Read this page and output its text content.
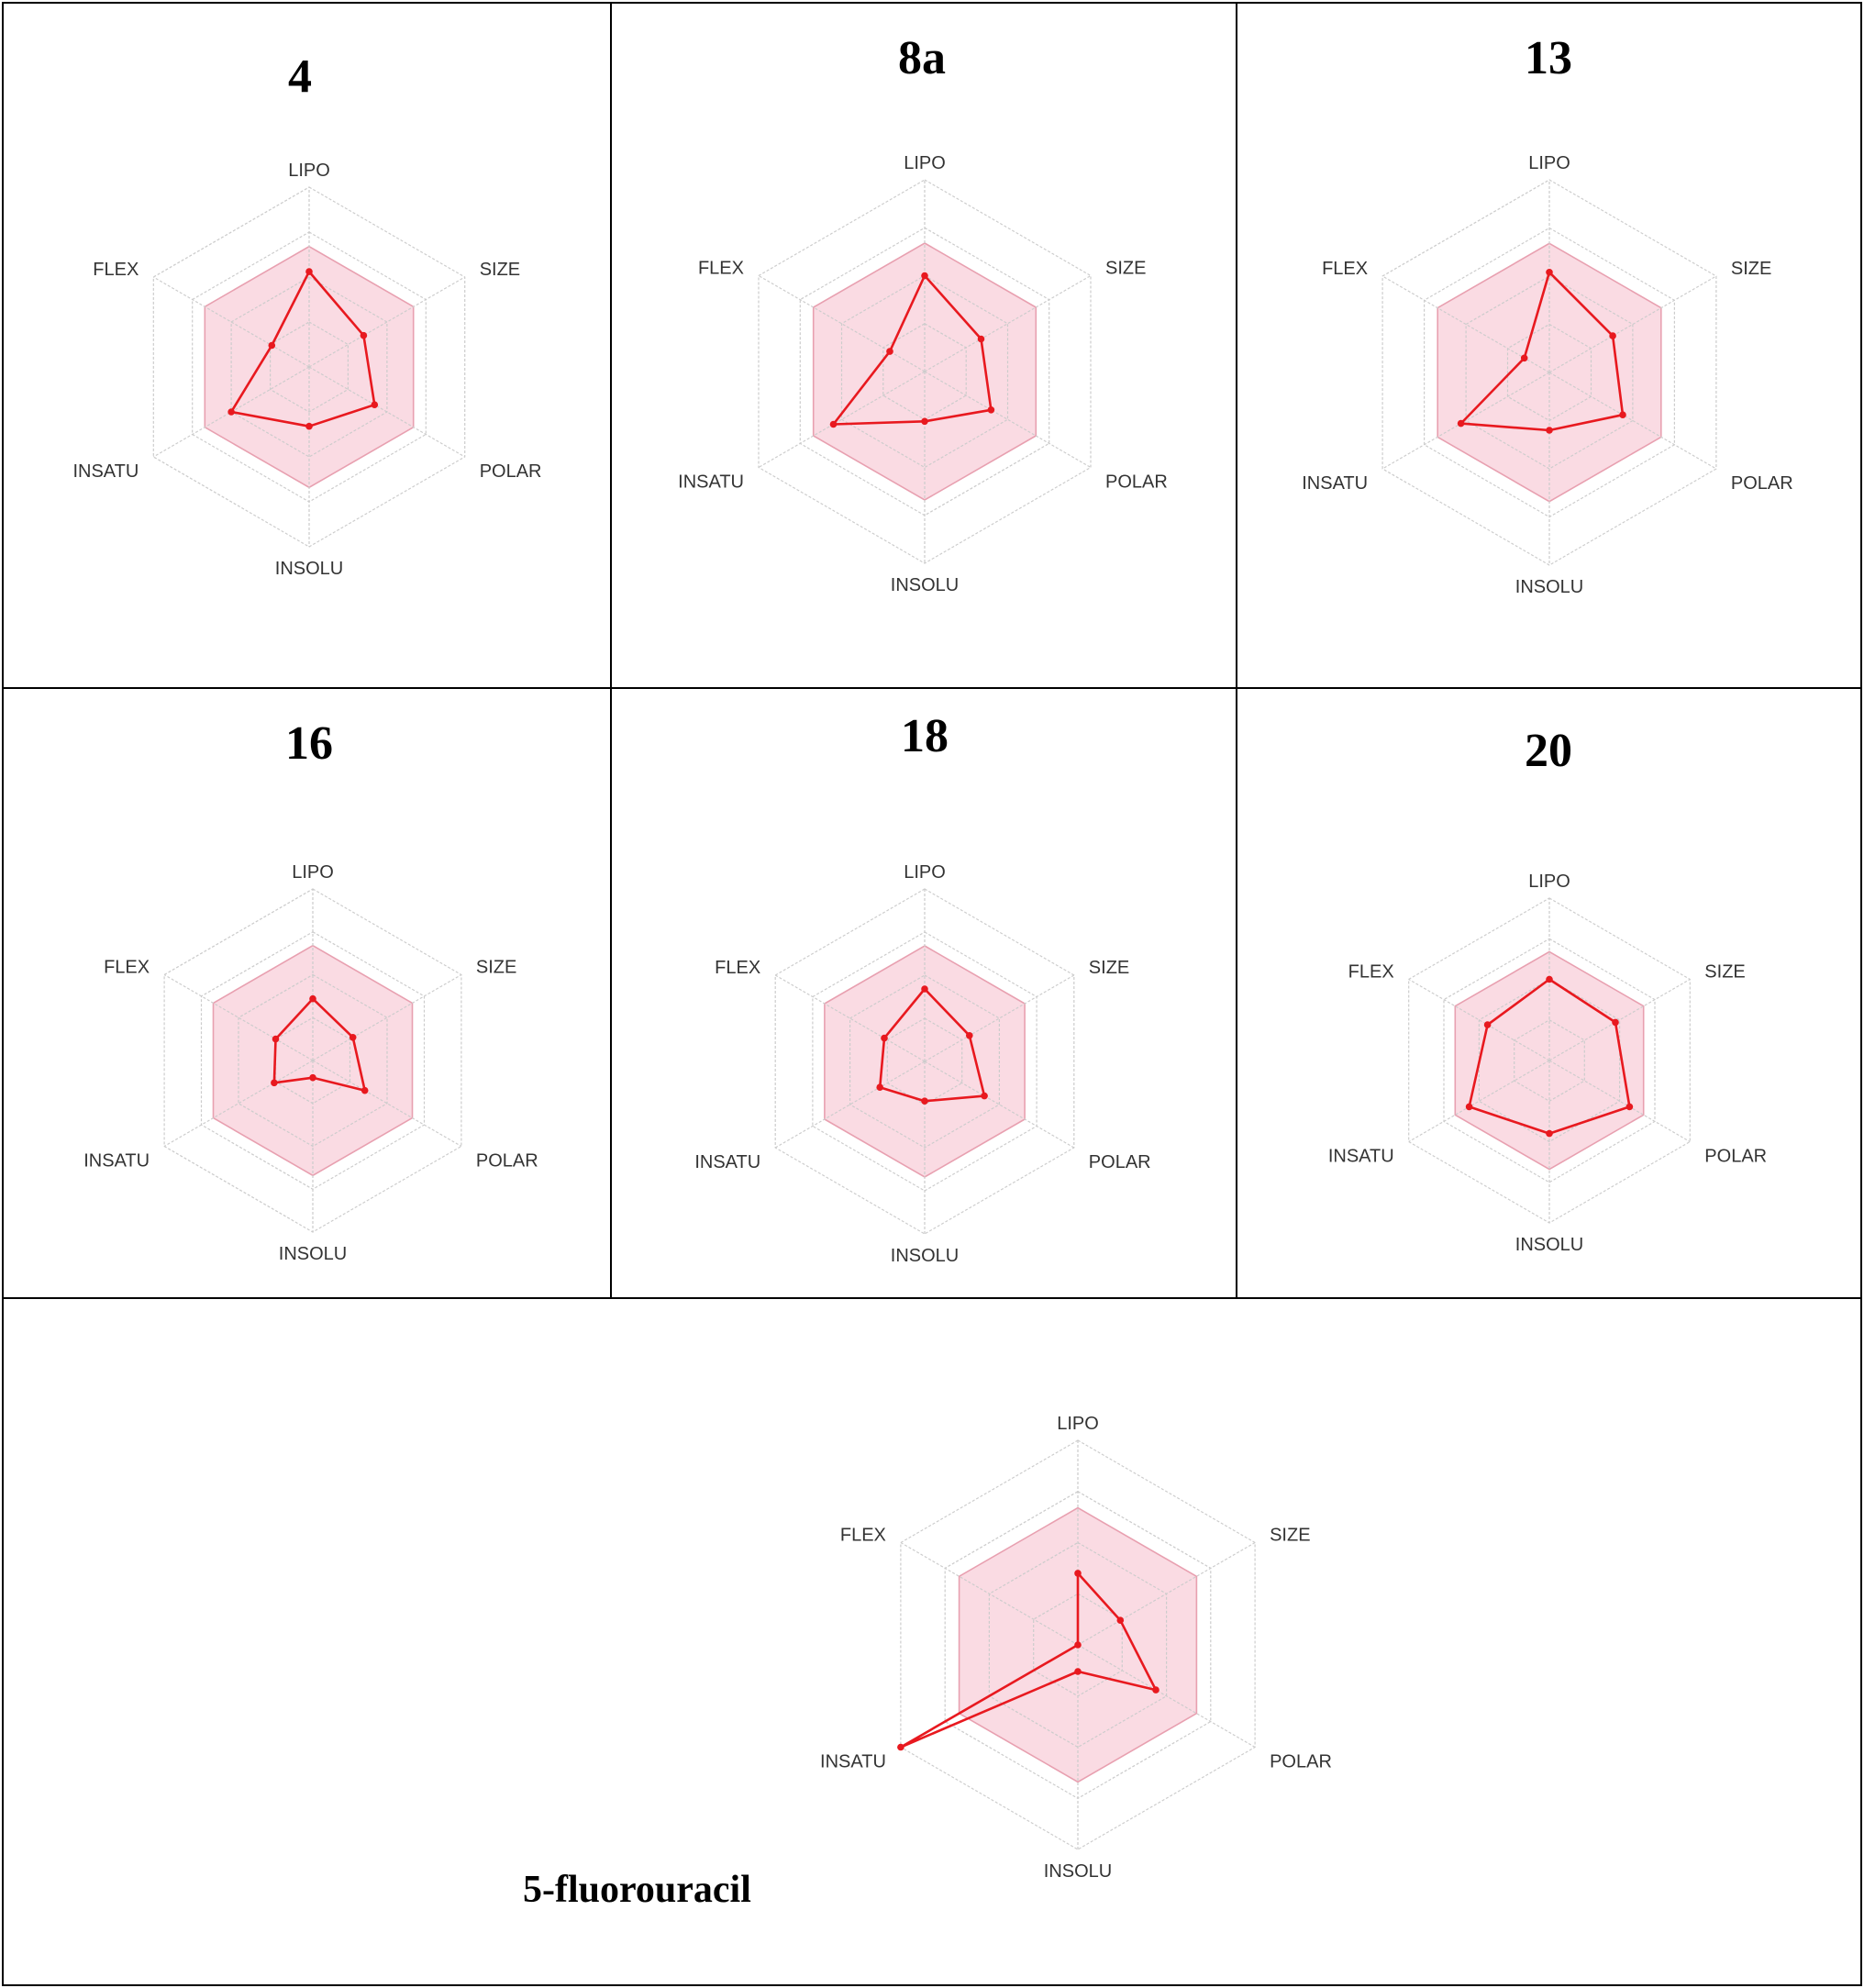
4
LIPO
SIZE
POLAR
INSOLU
INSATU
FLEX
8a
LIPO
SIZE
POLAR
INSOLU
INSATU
FLEX
13
LIPO
SIZE
POLAR
INSOLU
INSATU
FLEX
16
LIPO
SIZE
POLAR
INSOLU
INSATU
FLEX
18
LIPO
SIZE
POLAR
INSOLU
INSATU
FLEX
20
LIPO
SIZE
POLAR
INSOLU
INSATU
FLEX
LIPO
SIZE
POLAR
INSOLU
INSATU
FLEX
5-fluorouracil
